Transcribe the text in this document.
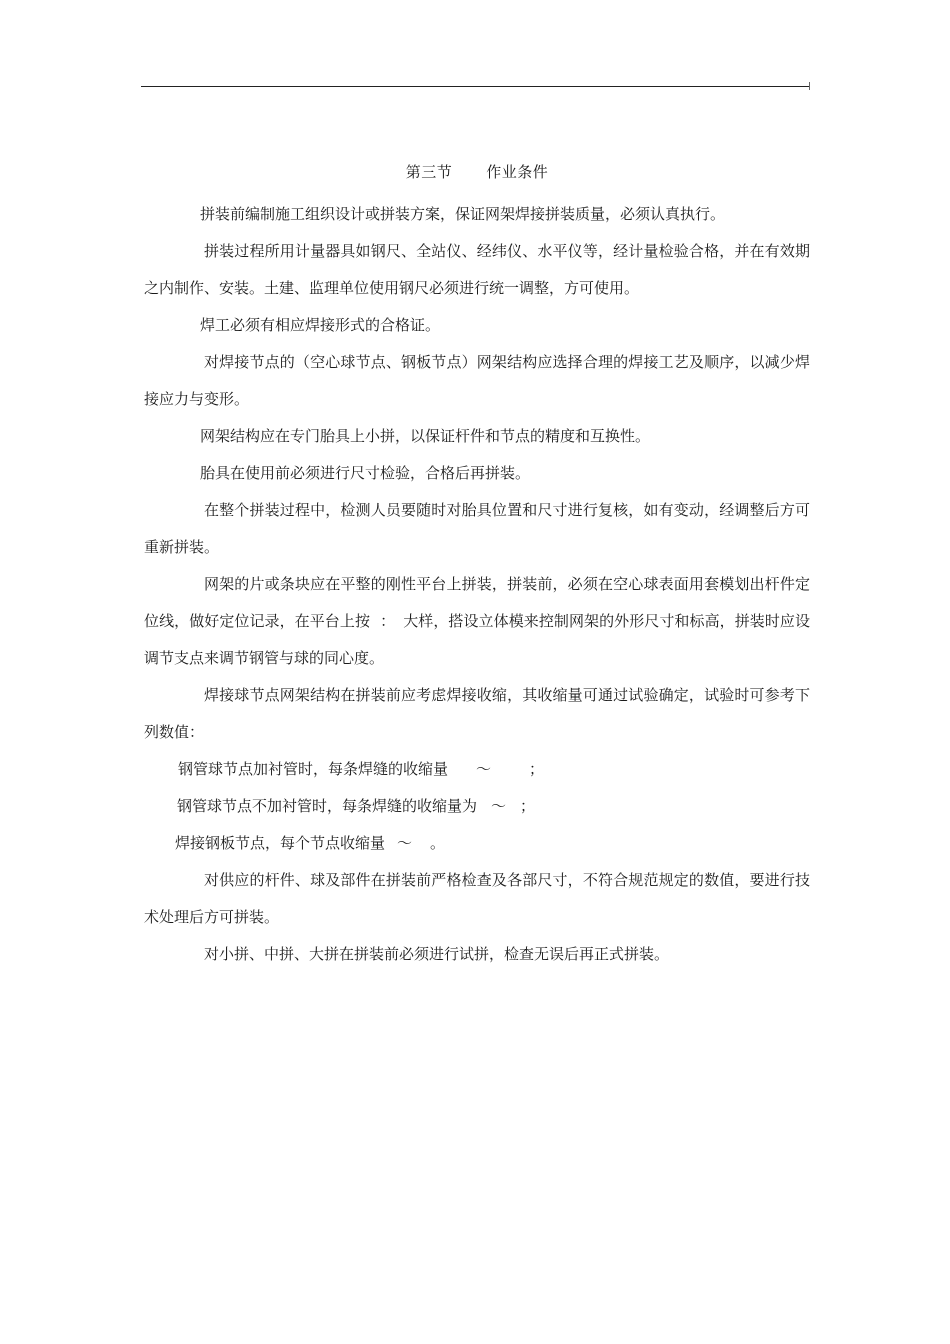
第三节 作业条件

拼装前编制施工组织设计或拼装方案，保证网架焊接拼装质量，必须认真执行。

拼装过程所用计量器具如钢尺、全站仪、经纬仪、水平仪等，经计量检验合格，并在有效期之内制作、安装。土建、监理单位使用钢尺必须进行统一调整，方可使用。

焊工必须有相应焊接形式的合格证。

对焊接节点的（空心球节点、钢板节点）网架结构应选择合理的焊接工艺及顺序，以减少焊接应力与变形。

网架结构应在专门胎具上小拼，以保证杆件和节点的精度和互换性。

胎具在使用前必须进行尺寸检验，合格后再拼装。

在整个拼装过程中，检测人员要随时对胎具位置和尺寸进行复核，如有变动，经调整后方可重新拼装。

网架的片或条块应在平整的刚性平台上拼装，拼装前，必须在空心球表面用套模划出杆件定位线，做好定位记录，在平台上按 ： 大样，搭设立体模来控制网架的外形尺寸和标高，拼装时应设调节支点来调节钢管与球的同心度。

焊接球节点网架结构在拼装前应考虑焊接收缩，其收缩量可通过试验确定，试验时可参考下列数值：

钢管球节点加衬管时，每条焊缝的收缩量 ～	；

钢管球节点不加衬管时，每条焊缝的收缩量为 ～ ；

焊接钢板节点，每个节点收缩量 ～ 。

对供应的杆件、球及部件在拼装前严格检查及各部尺寸，不符合规范规定的数值，要进行技术处理后方可拼装。

对小拼、中拼、大拼在拼装前必须进行试拼，检查无误后再正式拼装。
